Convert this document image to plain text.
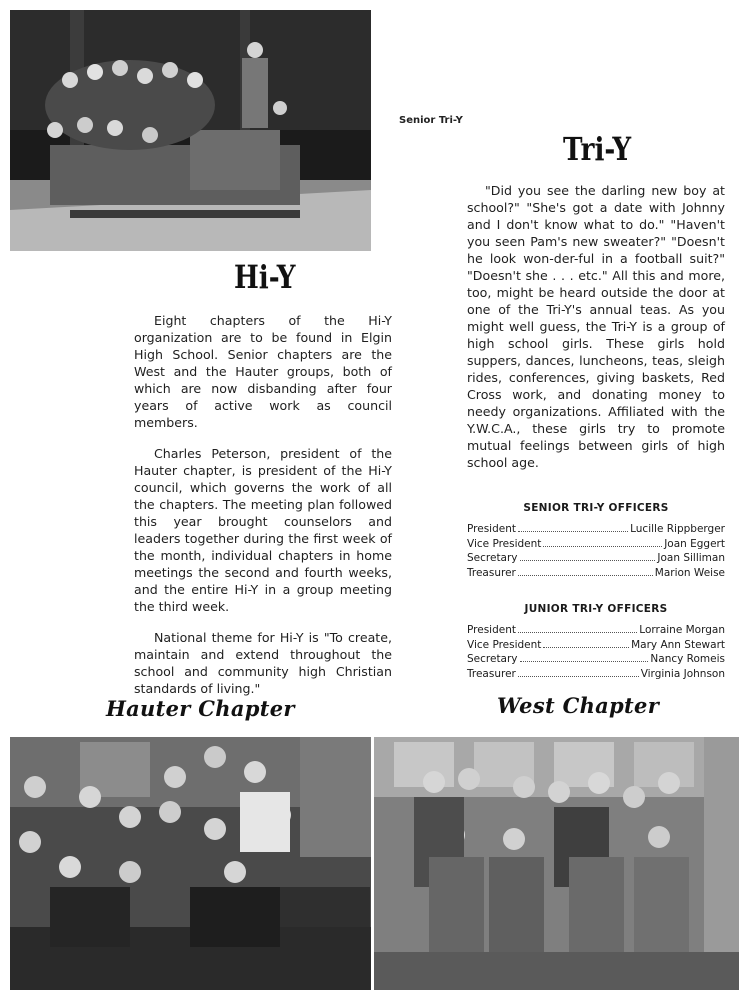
Senior Tri-Y
Tri-Y
Hi-Y

Eight chapters of the Hi-Y organization are to be found in Elgin High School. Senior chapters are the West and the Hauter groups, both of which are now disbanding after four years of active work as council members.

Charles Peterson, president of the Hauter chapter, is president of the Hi-Y council, which governs the work of all the chapters. The meeting plan followed this year brought counselors and leaders together during the first week of the month, individual chapters in home meetings the second and fourth weeks, and the entire Hi-Y in a group meeting the third week.

National theme for Hi-Y is "To create, maintain and extend throughout the school and community high Christian standards of living."

"Did you see the darling new boy at school?" "She's got a date with Johnny and I don't know what to do." "Haven't you seen Pam's new sweater?" "Doesn't he look won-der-ful in a football suit?" "Doesn't she . . . etc." All this and more, too, might be heard outside the door at one of the Tri-Y's annual teas. As you might well guess, the Tri-Y is a group of high school girls. These girls hold suppers, dances, luncheons, teas, sleigh rides, conferences, giving baskets, Red Cross work, and donating money to needy organizations. Affiliated with the Y.W.C.A., these girls try to promote mutual feelings between girls of high school age.

SENIOR TRI-Y OFFICERS
President	Lucille Rippberger
Vice President	Joan Eggert
Secretary	Joan Silliman
Treasurer	Marion Weise
JUNIOR TRI-Y OFFICERS
President	Lorraine Morgan
Vice President	Mary Ann Stewart
Secretary	Nancy Romeis
Treasurer	Virginia Johnson
Hauter Chapter	West Chapter
